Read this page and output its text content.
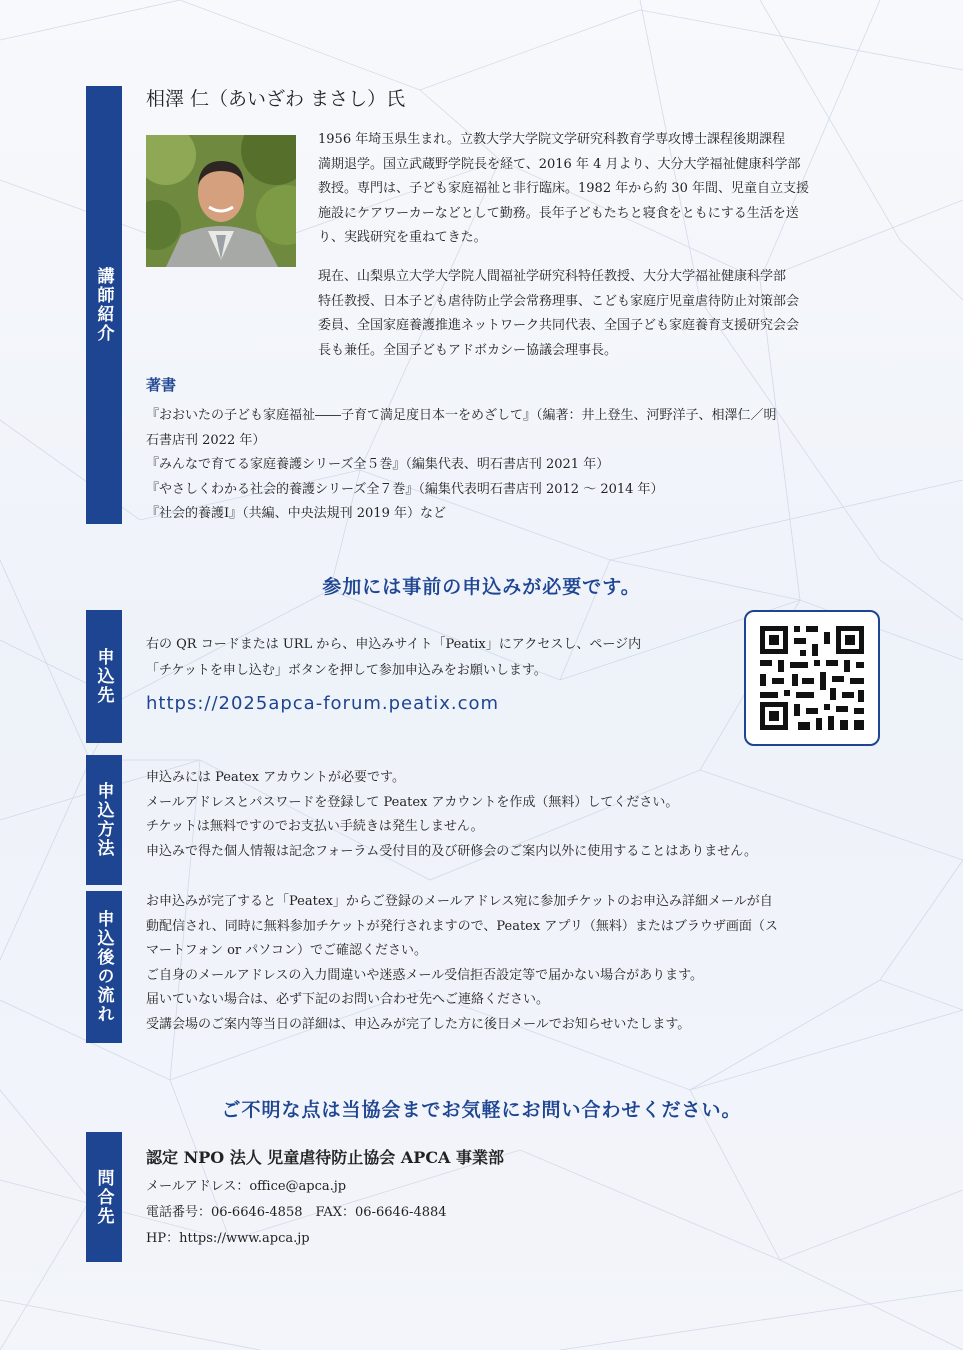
講師紹介
相澤 仁（あいざわ まさし）氏
1956 年埼玉県生まれ。立教大学大学院文学研究科教育学専攻博士課程後期課程
満期退学。国立武蔵野学院長を経て、2016 年 4 月より、大分大学福祉健康科学部
教授。専門は、子ども家庭福祉と非行臨床。1982 年から約 30 年間、児童自立支援
施設にケアワーカーなどとして勤務。長年子どもたちと寝食をともにする生活を送
り、実践研究を重ねてきた。
現在、山梨県立大学大学院人間福祉学研究科特任教授、大分大学福祉健康科学部
特任教授、日本子ども虐待防止学会常務理事、こども家庭庁児童虐待防止対策部会
委員、全国家庭養護推進ネットワーク共同代表、全国子ども家庭養育支援研究会会
長も兼任。全国子どもアドボカシー協議会理事長。
著書
『おおいたの子ども家庭福祉――子育て満足度日本一をめざして』（編著：井上登生、河野洋子、相澤仁／明
石書店刊 2022 年）
『みんなで育てる家庭養護シリーズ全５巻』（編集代表、明石書店刊 2021 年）
『やさしくわかる社会的養護シリーズ全７巻』（編集代表明石書店刊 2012 ～ 2014 年）
『社会的養護Ⅰ』（共編、中央法規刊 2019 年）など
参加には事前の申込みが必要です。
申込先
右の QR コードまたは URL から、申込みサイト「Peatix」にアクセスし、ページ内
「チケットを申し込む」ボタンを押して参加申込みをお願いします。
https://2025apca-forum.peatix.com
申込方法
申込みには Peatex アカウントが必要です。
メールアドレスとパスワードを登録して Peatex アカウントを作成（無料）してください。
チケットは無料ですのでお支払い手続きは発生しません。
申込みで得た個人情報は記念フォーラム受付目的及び研修会のご案内以外に使用することはありません。
申込後の流れ
お申込みが完了すると「Peatex」からご登録のメールアドレス宛に参加チケットのお申込み詳細メールが自
動配信され、同時に無料参加チケットが発行されますので、Peatex アプリ（無料）またはブラウザ画面（ス
マートフォン or パソコン）でご確認ください。
ご自身のメールアドレスの入力間違いや迷惑メール受信拒否設定等で届かない場合があります。
届いていない場合は、必ず下記のお問い合わせ先へご連絡ください。
受講会場のご案内等当日の詳細は、申込みが完了した方に後日メールでお知らせいたします。
ご不明な点は当協会までお気軽にお問い合わせください。
問合先
認定 NPO 法人 児童虐待防止協会 APCA 事業部
メールアドレス：office@apca.jp
電話番号：06-6646-4858　FAX：06-6646-4884
HP：https://www.apca.jp
